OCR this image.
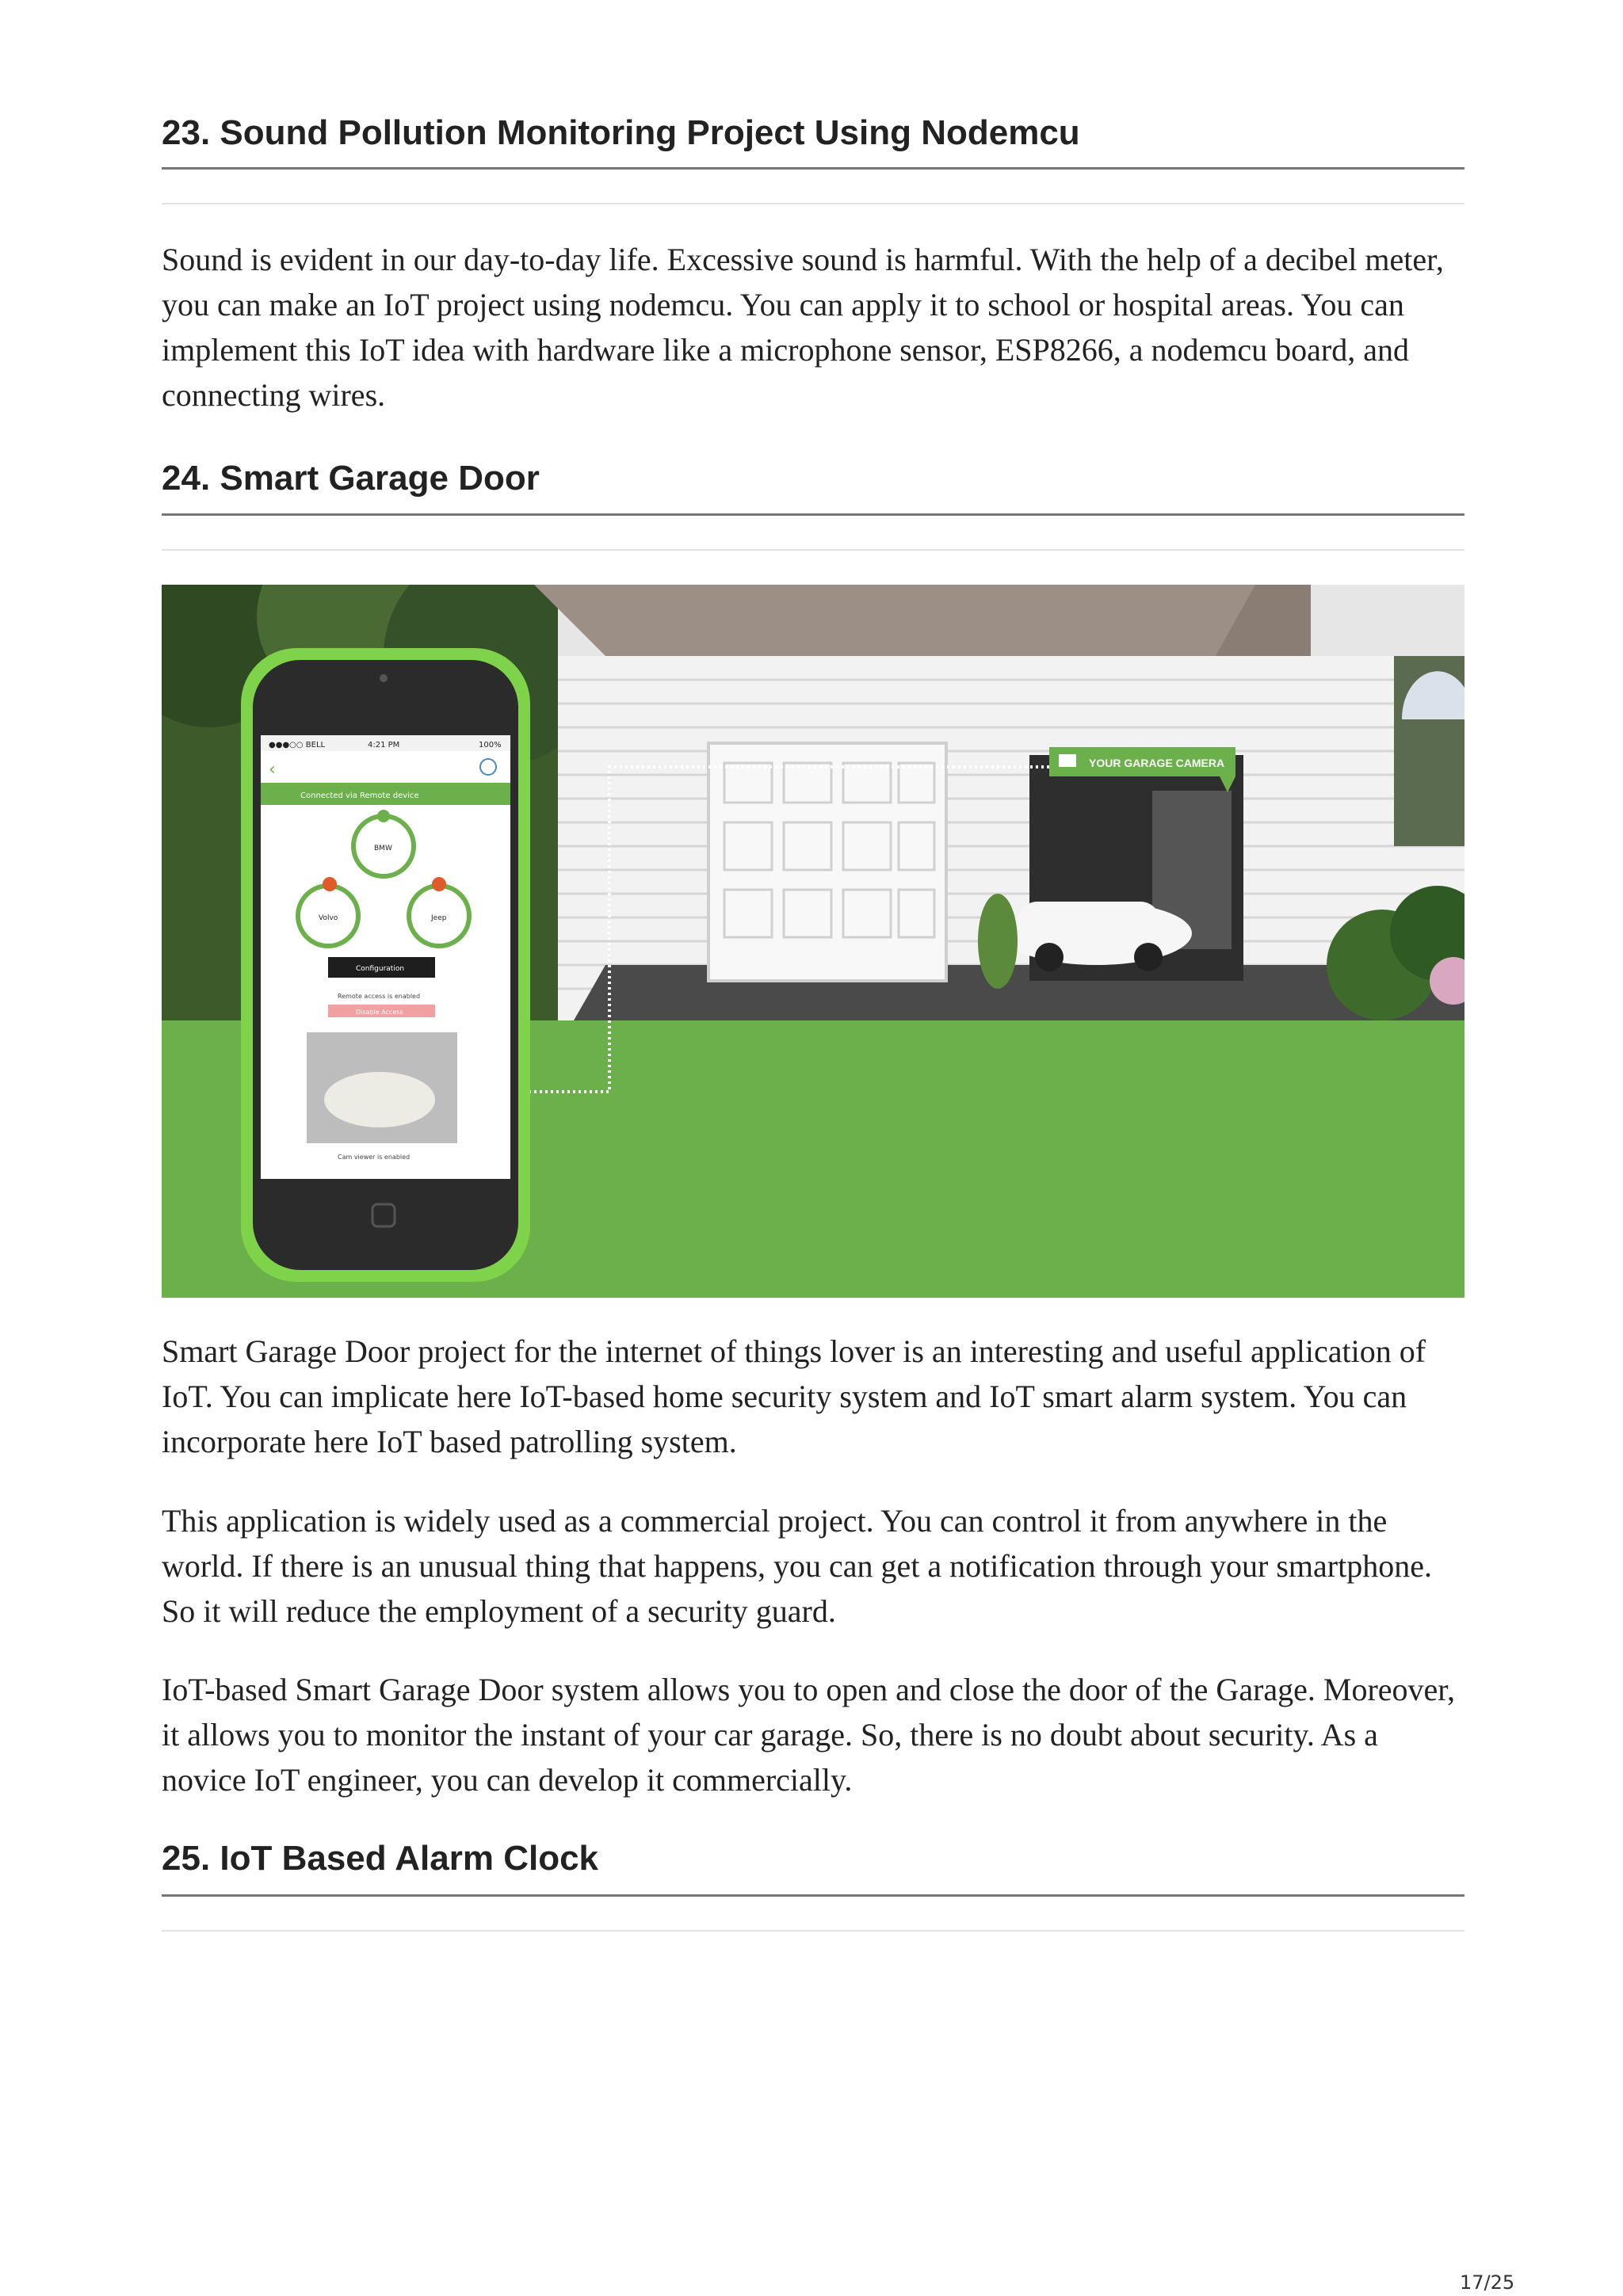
23. Sound Pollution Monitoring Project Using Nodemcu

Sound is evident in our day-to-day life. Excessive sound is harmful. With the help of a decibel meter, you can make an IoT project using nodemcu. You can apply it to school or hospital areas. You can implement this IoT idea with hardware like a microphone sensor, ESP8266, a nodemcu board, and connecting wires.

24. Smart Garage Door
YOUR GARAGE CAMERA
●●●○○ BELL	4:21 PM	100%
Connected via Remote device
‹
BMW
Volvo	Jeep
Configuration
Remote access is enabled
Disable Access
Cam viewer is enabled

Smart Garage Door project for the internet of things lover is an interesting and useful application of IoT. You can implicate here IoT-based home security system and IoT smart alarm system. You can incorporate here IoT based patrolling system.

This application is widely used as a commercial project. You can control it from anywhere in the world. If there is an unusual thing that happens, you can get a notification through your smartphone. So it will reduce the employment of a security guard.

IoT-based Smart Garage Door system allows you to open and close the door of the Garage. Moreover, it allows you to monitor the instant of your car garage. So, there is no doubt about security. As a novice IoT engineer, you can develop it commercially.

25. IoT Based Alarm Clock
17/25
